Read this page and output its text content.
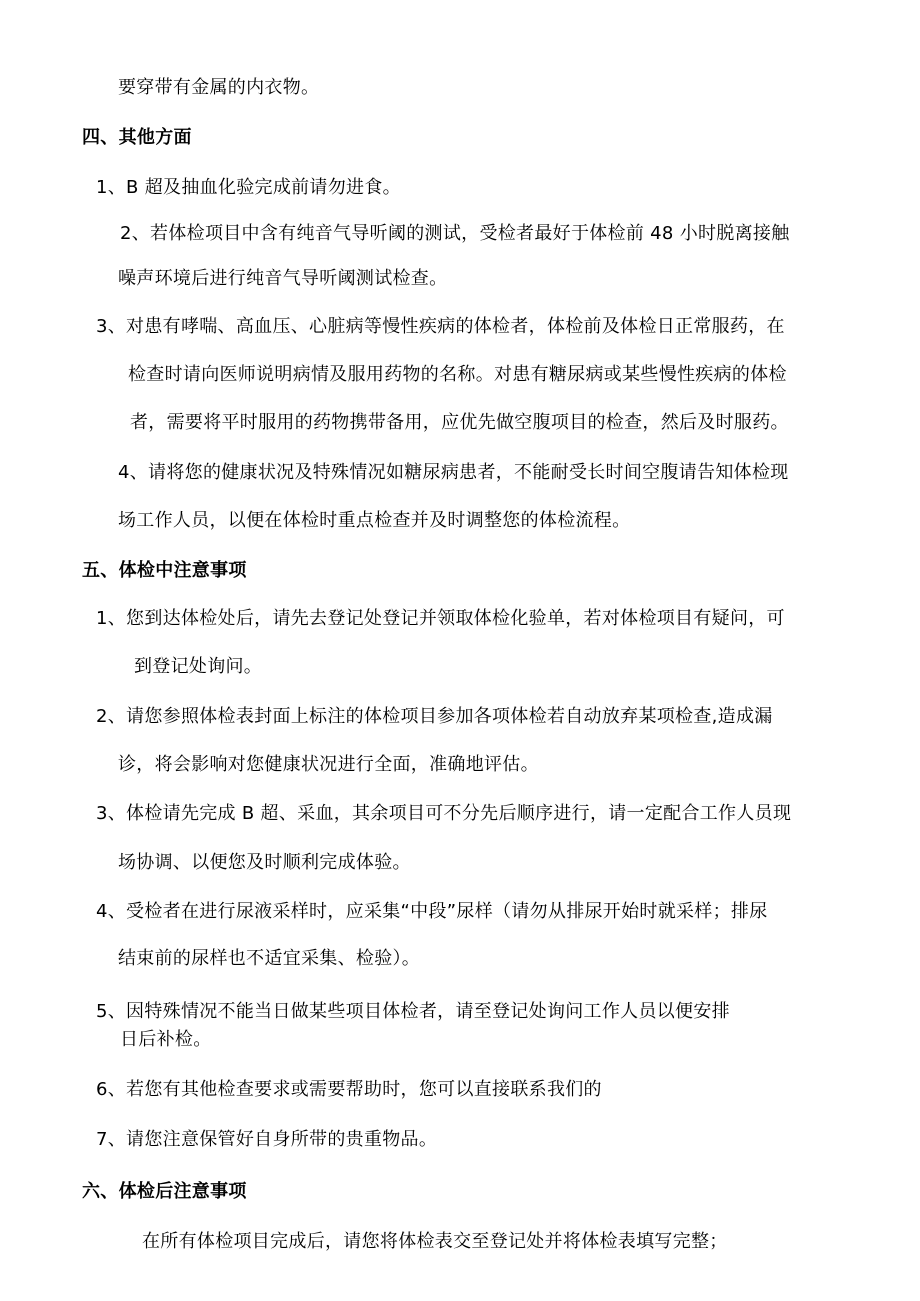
要穿带有金属的内衣物。
四、其他方面
1、B 超及抽血化验完成前请勿进食。
2、若体检项目中含有纯音气导听阈的测试，受检者最好于体检前 48 小时脱离接触
噪声环境后进行纯音气导听阈测试检查。
3、对患有哮喘、高血压、心脏病等慢性疾病的体检者，体检前及体检日正常服药，在
检查时请向医师说明病情及服用药物的名称。对患有糖尿病或某些慢性疾病的体检
者，需要将平时服用的药物携带备用，应优先做空腹项目的检查，然后及时服药。
4、请将您的健康状况及特殊情况如糖尿病患者，不能耐受长时间空腹请告知体检现
场工作人员，以便在体检时重点检查并及时调整您的体检流程。
五、体检中注意事项
1、您到达体检处后，请先去登记处登记并领取体检化验单，若对体检项目有疑问，可
到登记处询问。
2、请您参照体检表封面上标注的体检项目参加各项体检若自动放弃某项检查,造成漏
诊，将会影响对您健康状况进行全面，准确地评估。
3、体检请先完成 B 超、采血，其余项目可不分先后顺序进行，请一定配合工作人员现
场协调、以便您及时顺利完成体验。
4、受检者在进行尿液采样时，应采集“中段”尿样（请勿从排尿开始时就采样；排尿
结束前的尿样也不适宜采集、检验）。
5、因特殊情况不能当日做某些项目体检者，请至登记处询问工作人员以便安排
日后补检。
6、若您有其他检查要求或需要帮助时，您可以直接联系我们的
7、请您注意保管好自身所带的贵重物品。
六、体检后注意事项
在所有体检项目完成后，请您将体检表交至登记处并将体检表填写完整；
